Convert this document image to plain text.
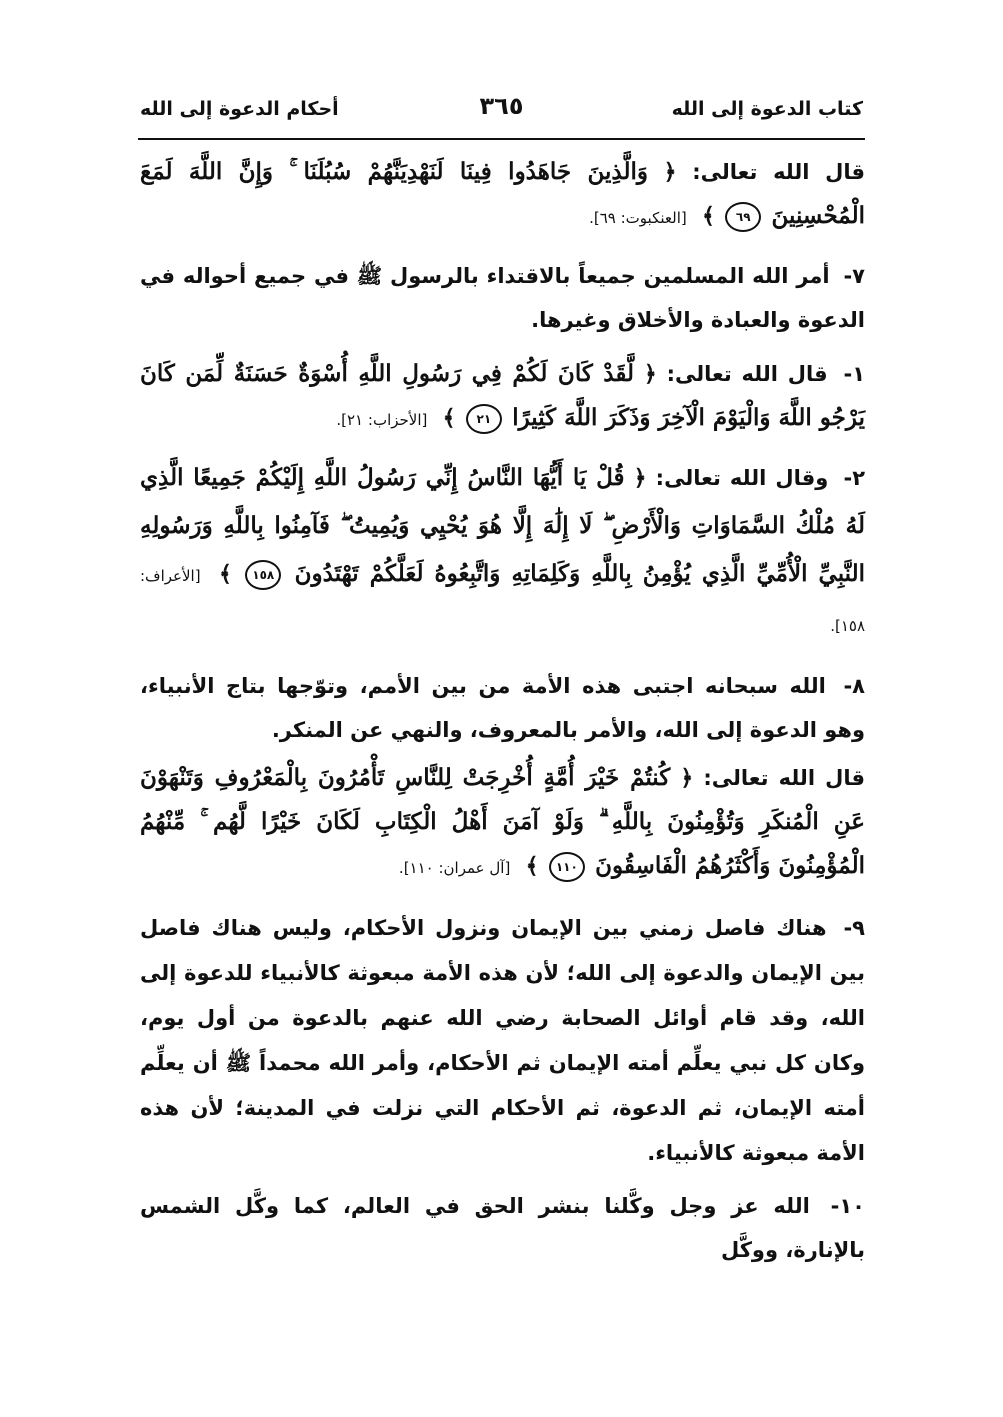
كتاب الدعوة إلى الله
٣٦٥
أحكام الدعوة إلى الله

قال الله تعالى: ﴿ وَالَّذِينَ جَاهَدُوا فِينَا لَنَهْدِيَنَّهُمْ سُبُلَنَا ۚ وَإِنَّ اللَّهَ لَمَعَ الْمُحْسِنِينَ ٦٩ ﴾ [العنكبوت: ٦٩].

٧- أمر الله المسلمين جميعاً بالاقتداء بالرسول ﷺ في جميع أحواله في الدعوة والعبادة والأخلاق وغيرها.

١- قال الله تعالى: ﴿ لَّقَدْ كَانَ لَكُمْ فِي رَسُولِ اللَّهِ أُسْوَةٌ حَسَنَةٌ لِّمَن كَانَ يَرْجُو اللَّهَ وَالْيَوْمَ الْآخِرَ وَذَكَرَ اللَّهَ كَثِيرًا ٢١ ﴾ [الأحزاب: ٢١].

٢- وقال الله تعالى: ﴿ قُلْ يَا أَيُّهَا النَّاسُ إِنِّي رَسُولُ اللَّهِ إِلَيْكُمْ جَمِيعًا الَّذِي لَهُ مُلْكُ السَّمَاوَاتِ وَالْأَرْضِ ۖ لَا إِلَٰهَ إِلَّا هُوَ يُحْيِي وَيُمِيتُ ۖ فَآمِنُوا بِاللَّهِ وَرَسُولِهِ النَّبِيِّ الْأُمِّيِّ الَّذِي يُؤْمِنُ بِاللَّهِ وَكَلِمَاتِهِ وَاتَّبِعُوهُ لَعَلَّكُمْ تَهْتَدُونَ ١٥٨ ﴾ [الأعراف: ١٥٨].

٨- الله سبحانه اجتبى هذه الأمة من بين الأمم، وتوّجها بتاج الأنبياء، وهو الدعوة إلى الله، والأمر بالمعروف، والنهي عن المنكر.

قال الله تعالى: ﴿ كُنتُمْ خَيْرَ أُمَّةٍ أُخْرِجَتْ لِلنَّاسِ تَأْمُرُونَ بِالْمَعْرُوفِ وَتَنْهَوْنَ عَنِ الْمُنكَرِ وَتُؤْمِنُونَ بِاللَّهِ ۗ وَلَوْ آمَنَ أَهْلُ الْكِتَابِ لَكَانَ خَيْرًا لَّهُم ۚ مِّنْهُمُ الْمُؤْمِنُونَ وَأَكْثَرُهُمُ الْفَاسِقُونَ ١١٠ ﴾ [آل عمران: ١١٠].

٩- هناك فاصل زمني بين الإيمان ونزول الأحكام، وليس هناك فاصل بين الإيمان والدعوة إلى الله؛ لأن هذه الأمة مبعوثة كالأنبياء للدعوة إلى الله، وقد قام أوائل الصحابة رضي الله عنهم بالدعوة من أول يوم، وكان كل نبي يعلِّم أمته الإيمان ثم الأحكام، وأمر الله محمداً ﷺ أن يعلِّم أمته الإيمان، ثم الدعوة، ثم الأحكام التي نزلت في المدينة؛ لأن هذه الأمة مبعوثة كالأنبياء.

١٠- الله عز وجل وكَّلنا بنشر الحق في العالم، كما وكَّل الشمس بالإنارة، ووكَّل
